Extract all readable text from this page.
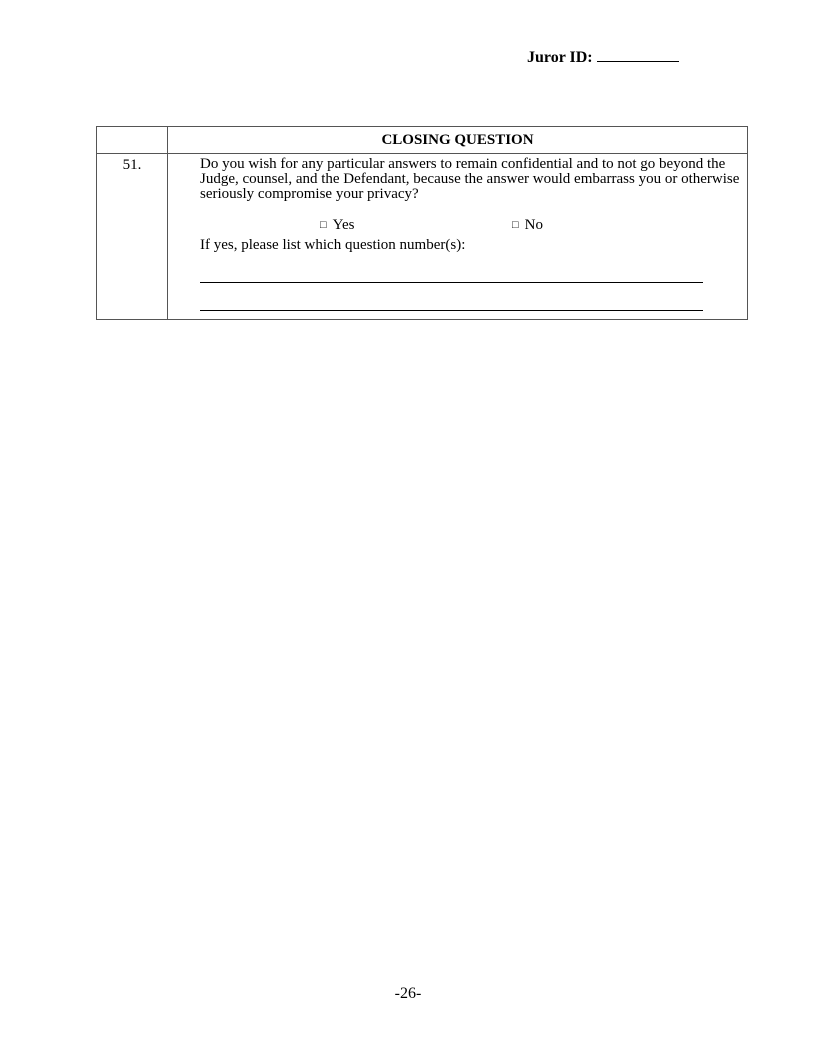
Juror ID:
	CLOSING QUESTION
51.	Do you wish for any particular answers to remain confidential and to not go beyond the Judge, counsel, and the Defendant, because the answer would embarrass you or otherwise seriously compromise your privacy?

□ Yes □ No
If yes, please list which question number(s):
-26-
